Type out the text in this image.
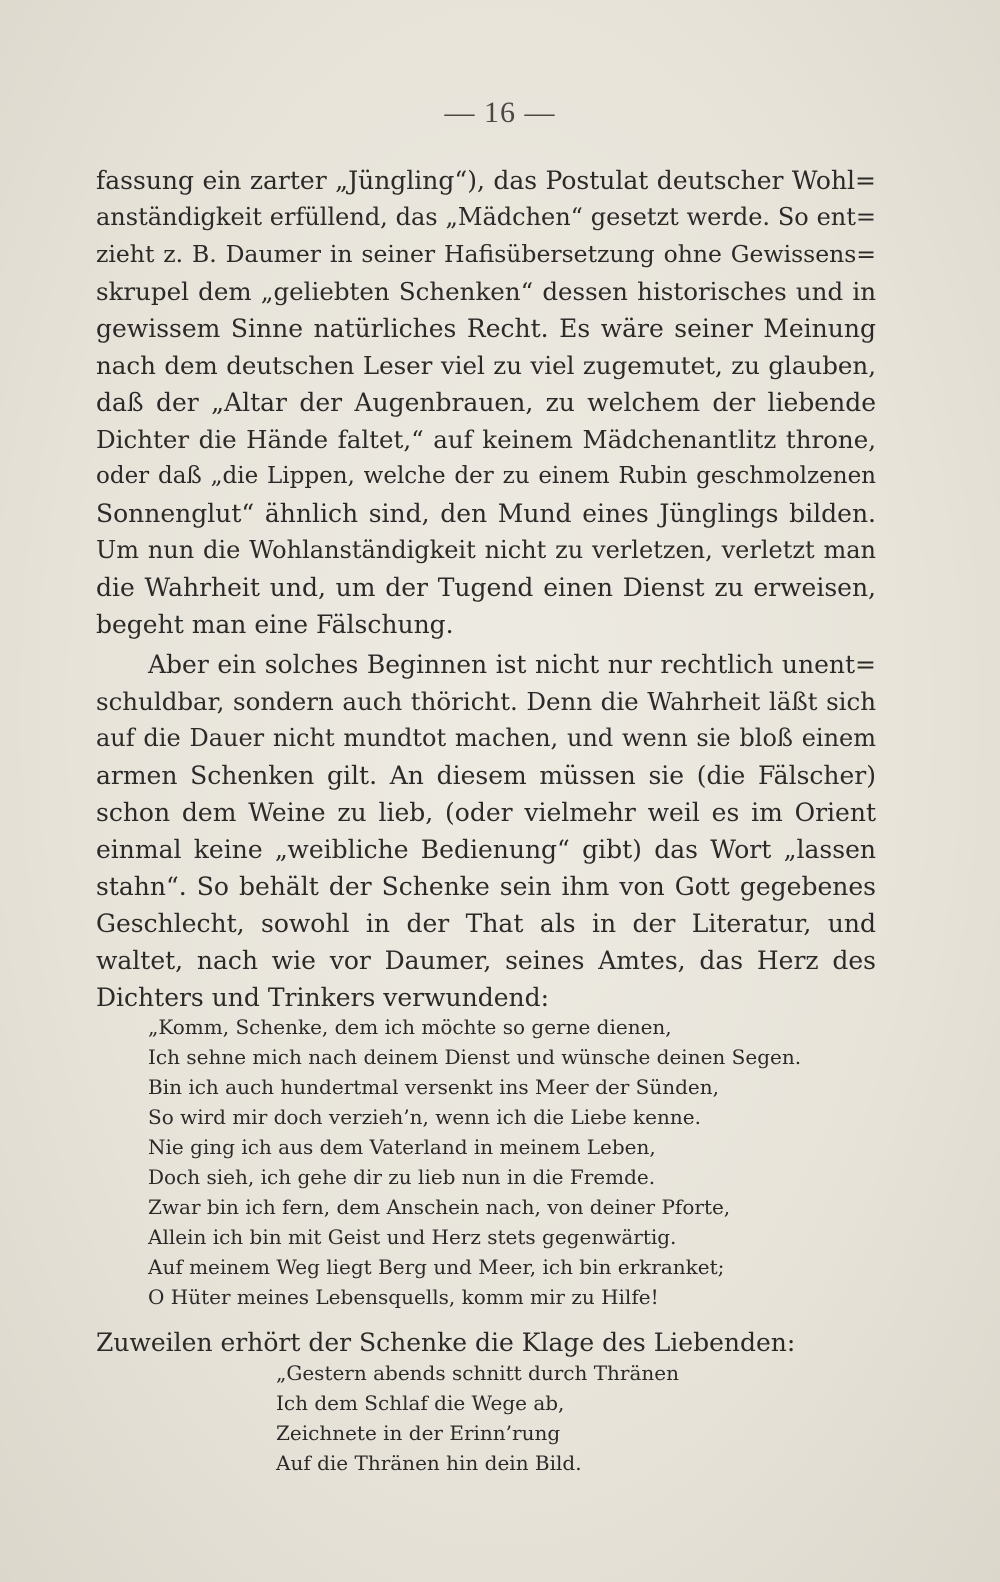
— 16 —
fassung ein zarter „Jüngling“), das Postulat deutscher Wohl=
anständigkeit erfüllend, das „Mädchen“ gesetzt werde. So ent=
zieht z. B. Daumer in seiner Hafisübersetzung ohne Gewissens=
skrupel dem „geliebten Schenken“ dessen historisches und in
gewissem Sinne natürliches Recht. Es wäre seiner Meinung
nach dem deutschen Leser viel zu viel zugemutet, zu glauben,
daß der „Altar der Augenbrauen, zu welchem der liebende
Dichter die Hände faltet,“ auf keinem Mädchenantlitz throne,
oder daß „die Lippen, welche der zu einem Rubin geschmolzenen
Sonnenglut“ ähnlich sind, den Mund eines Jünglings bilden.
Um nun die Wohlanständigkeit nicht zu verletzen, verletzt man
die Wahrheit und, um der Tugend einen Dienst zu erweisen,
begeht man eine Fälschung.
Aber ein solches Beginnen ist nicht nur rechtlich unent=
schuldbar, sondern auch thöricht. Denn die Wahrheit läßt sich
auf die Dauer nicht mundtot machen, und wenn sie bloß einem
armen Schenken gilt. An diesem müssen sie (die Fälscher)
schon dem Weine zu lieb, (oder vielmehr weil es im Orient
einmal keine „weibliche Bedienung“ gibt) das Wort „lassen
stahn“. So behält der Schenke sein ihm von Gott gegebenes
Geschlecht, sowohl in der That als in der Literatur, und
waltet, nach wie vor Daumer, seines Amtes, das Herz des
Dichters und Trinkers verwundend:
„Komm, Schenke, dem ich möchte so gerne dienen,
Ich sehne mich nach deinem Dienst und wünsche deinen Segen.
Bin ich auch hundertmal versenkt ins Meer der Sünden,
So wird mir doch verzieh’n, wenn ich die Liebe kenne.
Nie ging ich aus dem Vaterland in meinem Leben,
Doch sieh, ich gehe dir zu lieb nun in die Fremde.
Zwar bin ich fern, dem Anschein nach, von deiner Pforte,
Allein ich bin mit Geist und Herz stets gegenwärtig.
Auf meinem Weg liegt Berg und Meer, ich bin erkranket;
O Hüter meines Lebensquells, komm mir zu Hilfe!
Zuweilen erhört der Schenke die Klage des Liebenden:
„Gestern abends schnitt durch Thränen
Ich dem Schlaf die Wege ab,
Zeichnete in der Erinn’rung
Auf die Thränen hin dein Bild.
